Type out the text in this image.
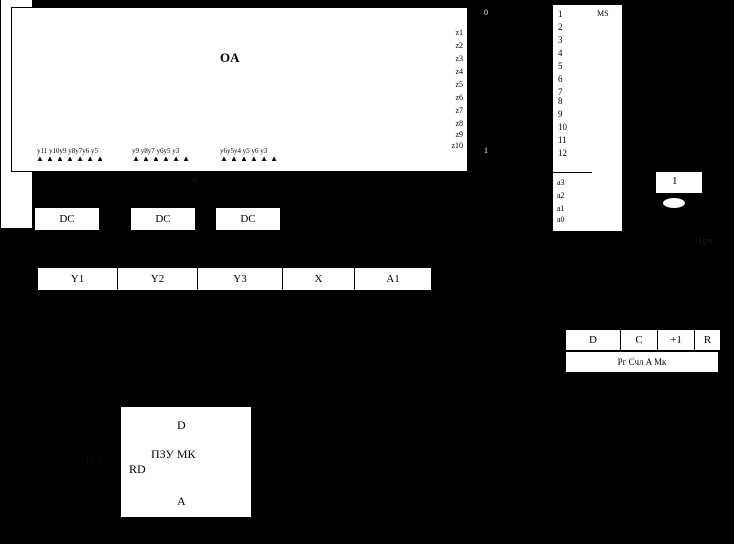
OA
z1
z2
z3
z4
z5
z6
z7
z8
z9
z10
y11 y10y9 y8y7y6 y5
▲▲▲▲▲▲▲
y9 y8y7 y6y5 y3
▲▲▲▲▲▲
y6y5y4 y5 y6 y3
▲▲▲▲▲▲
0
1
0
DC	DC	DC
Y1	Y2	Y3	X	A1
D
ПЗУ МК
RD
A
12.3
MS
1
2
3
4
5
6
7
8
9
10
11
12
a3
a2
a1
a0
1
Црв
D	C	+1	R
Рг Счл A Мк
